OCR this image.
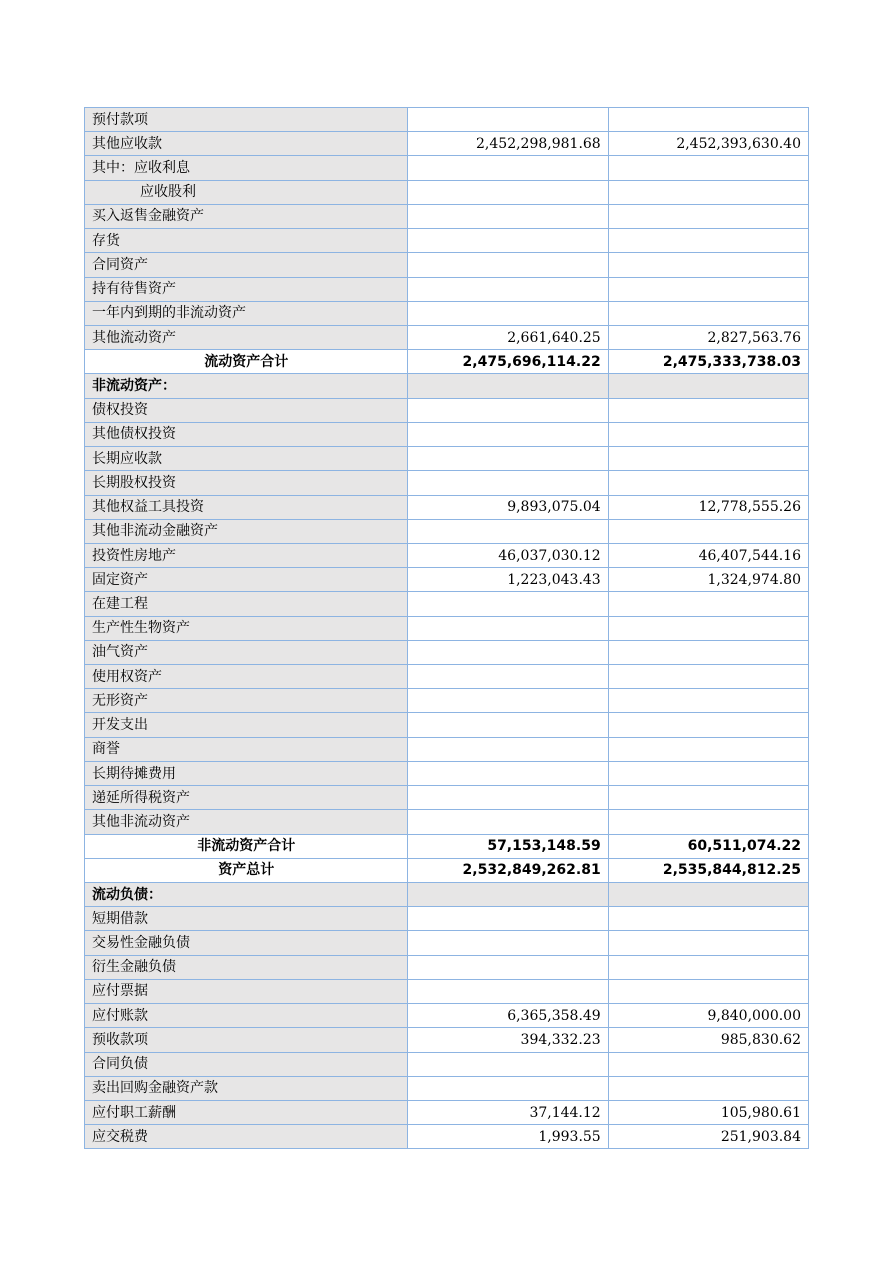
预付款项		
其他应收款	2,452,298,981.68	2,452,393,630.40
其中：应收利息		
应收股利		
买入返售金融资产		
存货		
合同资产		
持有待售资产		
一年内到期的非流动资产		
其他流动资产	2,661,640.25	2,827,563.76
流动资产合计	2,475,696,114.22	2,475,333,738.03
非流动资产：		
债权投资		
其他债权投资		
长期应收款		
长期股权投资		
其他权益工具投资	9,893,075.04	12,778,555.26
其他非流动金融资产		
投资性房地产	46,037,030.12	46,407,544.16
固定资产	1,223,043.43	1,324,974.80
在建工程		
生产性生物资产		
油气资产		
使用权资产		
无形资产		
开发支出		
商誉		
长期待摊费用		
递延所得税资产		
其他非流动资产		
非流动资产合计	57,153,148.59	60,511,074.22
资产总计	2,532,849,262.81	2,535,844,812.25
流动负债：		
短期借款		
交易性金融负债		
衍生金融负债		
应付票据		
应付账款	6,365,358.49	9,840,000.00
预收款项	394,332.23	985,830.62
合同负债		
卖出回购金融资产款		
应付职工薪酬	37,144.12	105,980.61
应交税费	1,993.55	251,903.84
